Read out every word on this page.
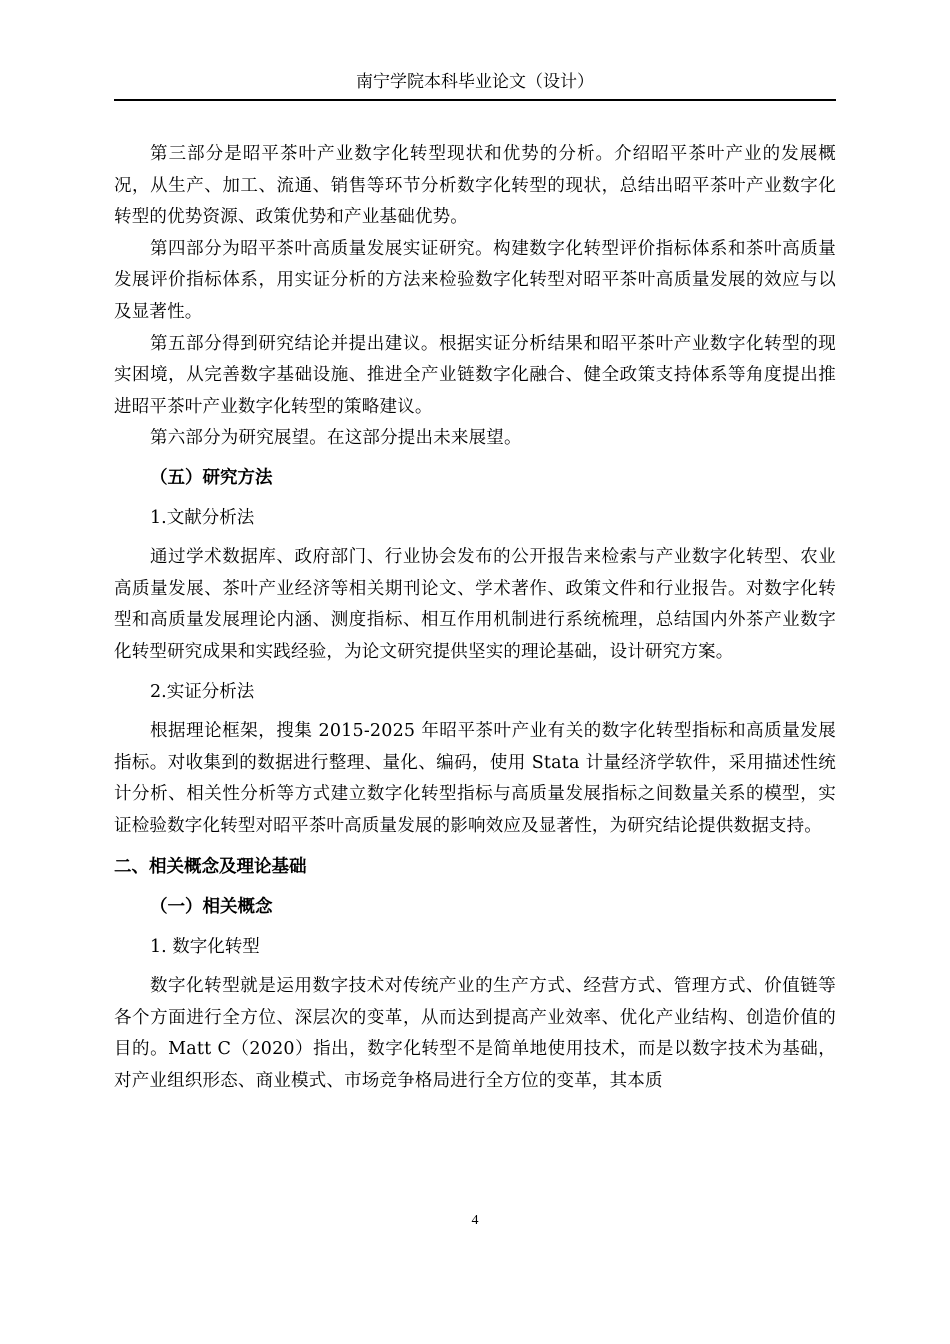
南宁学院本科毕业论文（设计）

第三部分是昭平茶叶产业数字化转型现状和优势的分析。介绍昭平茶叶产业的发展概况，从生产、加工、流通、销售等环节分析数字化转型的现状，总结出昭平茶叶产业数字化转型的优势资源、政策优势和产业基础优势。

第四部分为昭平茶叶高质量发展实证研究。构建数字化转型评价指标体系和茶叶高质量发展评价指标体系，用实证分析的方法来检验数字化转型对昭平茶叶高质量发展的效应与以及显著性。

第五部分得到研究结论并提出建议。根据实证分析结果和昭平茶叶产业数字化转型的现实困境，从完善数字基础设施、推进全产业链数字化融合、健全政策支持体系等角度提出推进昭平茶叶产业数字化转型的策略建议。

第六部分为研究展望。在这部分提出未来展望。

（五）研究方法

1.文献分析法

通过学术数据库、政府部门、行业协会发布的公开报告来检索与产业数字化转型、农业高质量发展、茶叶产业经济等相关期刊论文、学术著作、政策文件和行业报告。对数字化转型和高质量发展理论内涵、测度指标、相互作用机制进行系统梳理，总结国内外茶产业数字化转型研究成果和实践经验，为论文研究提供坚实的理论基础，设计研究方案。

2.实证分析法

根据理论框架，搜集 2015-2025 年昭平茶叶产业有关的数字化转型指标和高质量发展指标。对收集到的数据进行整理、量化、编码，使用 Stata 计量经济学软件，采用描述性统计分析、相关性分析等方式建立数字化转型指标与高质量发展指标之间数量关系的模型，实证检验数字化转型对昭平茶叶高质量发展的影响效应及显著性，为研究结论提供数据支持。

二、相关概念及理论基础

（一）相关概念

1. 数字化转型

数字化转型就是运用数字技术对传统产业的生产方式、经营方式、管理方式、价值链等各个方面进行全方位、深层次的变革，从而达到提高产业效率、优化产业结构、创造价值的目的。Matt C（2020）指出，数字化转型不是简单地使用技术，而是以数字技术为基础，对产业组织形态、商业模式、市场竞争格局进行全方位的变革，其本质

4
